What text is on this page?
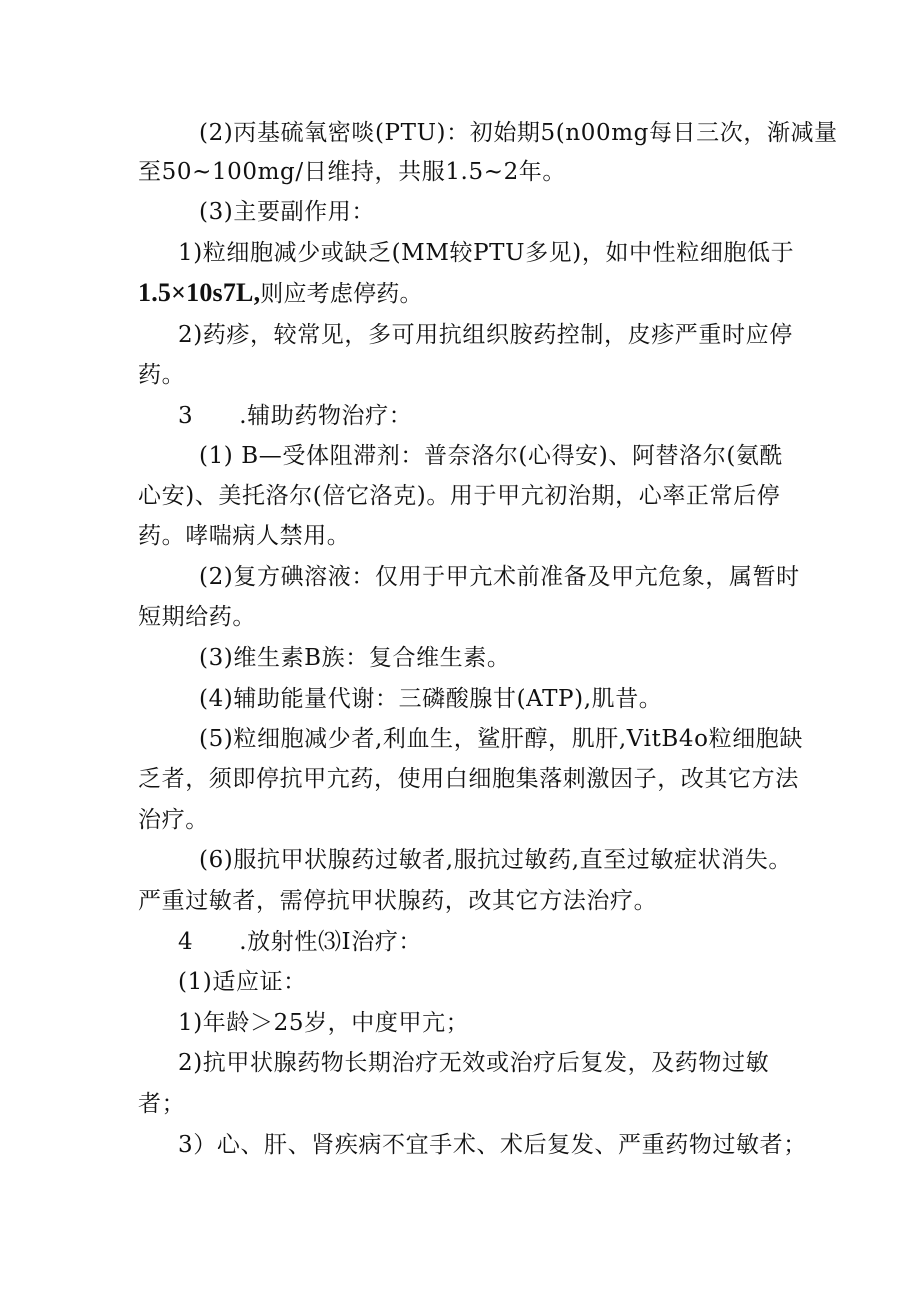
(2)丙基硫氧密啖(PTU)：初始期5(n00mg每日三次，渐减量
至50~100mg/日维持，共服1.5~2年。
(3)主要副作用：
1)粒细胞减少或缺乏(MM较PTU多见)，如中性粒细胞低于
1.5×10s7L,则应考虑停药。
2)药疹，较常见，多可用抗组织胺药控制，皮疹严重时应停
药。
3 .辅助药物治疗：
(1) B—受体阻滞剂：普奈洛尔(心得安)、阿替洛尔(氨酰
心安)、美托洛尔(倍它洛克)。用于甲亢初治期，心率正常后停
药。哮喘病人禁用。
(2)复方碘溶液：仅用于甲亢术前准备及甲亢危象，属暂时
短期给药。
(3)维生素B族：复合维生素。
(4)辅助能量代谢：三磷酸腺甘(ATP),肌昔。
(5)粒细胞减少者,利血生，鲨肝醇，肌肝,VitB4o粒细胞缺
乏者，须即停抗甲亢药，使用白细胞集落刺激因子，改其它方法
治疗。
(6)服抗甲状腺药过敏者,服抗过敏药,直至过敏症状消失。
严重过敏者，需停抗甲状腺药，改其它方法治疗。
4 .放射性⑶I治疗：
(1)适应证：
1)年龄＞25岁，中度甲亢；
2)抗甲状腺药物长期治疗无效或治疗后复发，及药物过敏
者；
3）心、肝、肾疾病不宜手术、术后复发、严重药物过敏者；
